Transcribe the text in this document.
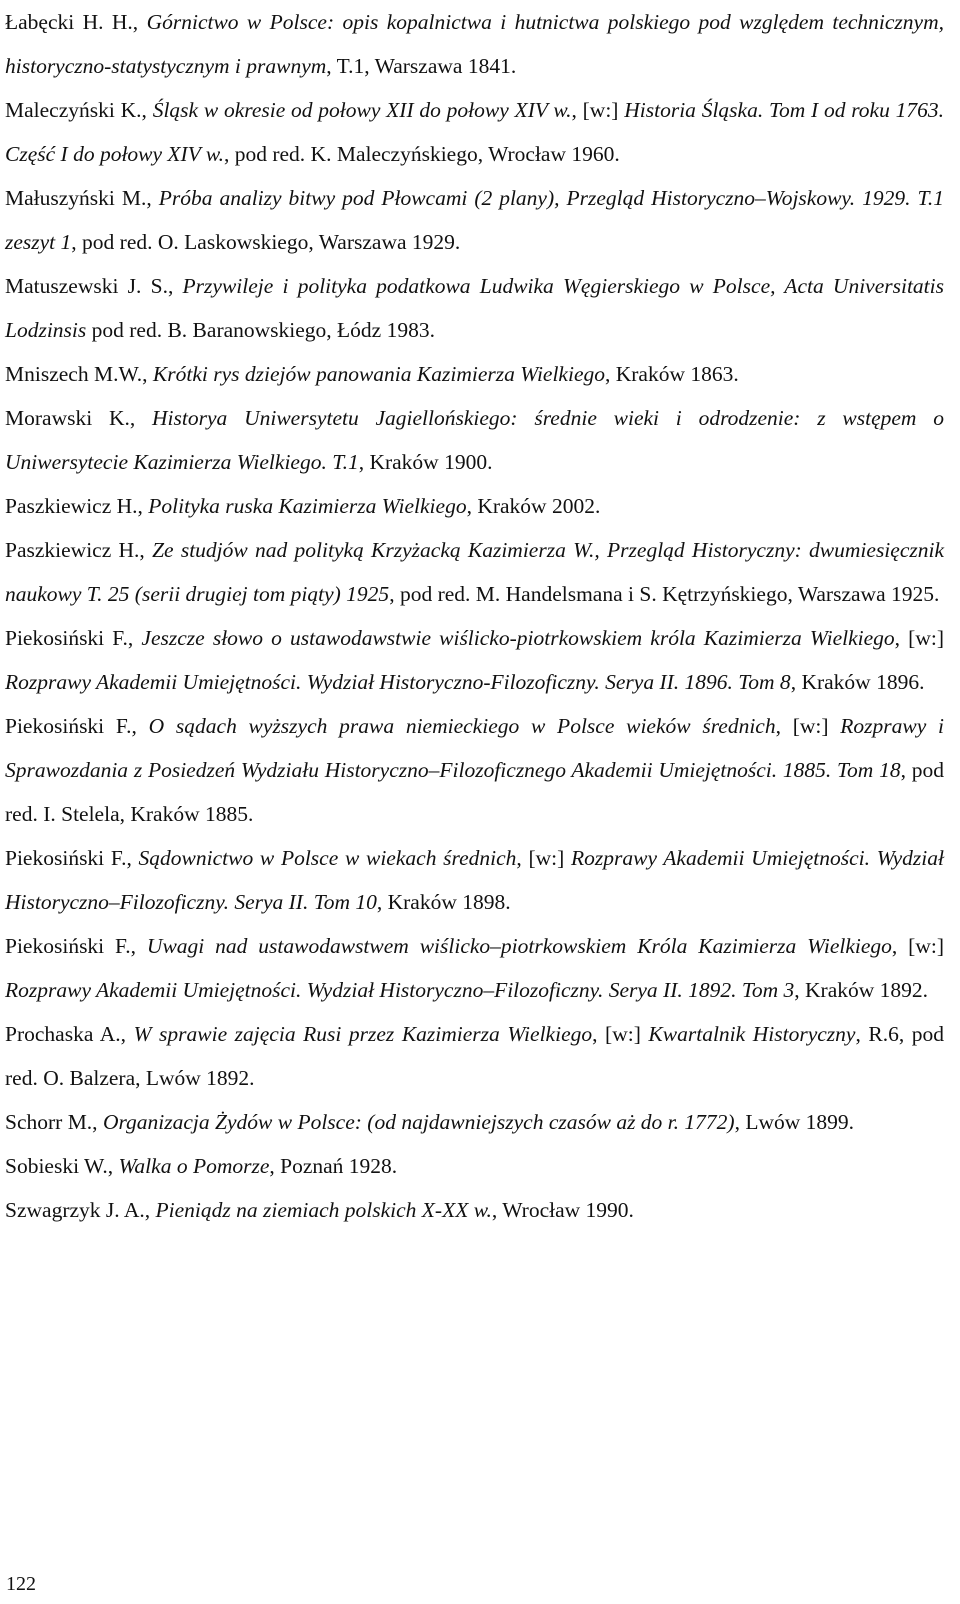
Łabęcki H. H., Górnictwo w Polsce: opis kopalnictwa i hutnictwa polskiego pod względem technicznym, historyczno-statystycznym i prawnym, T.1, Warszawa 1841.

Maleczyński K., Śląsk w okresie od połowy XII do połowy XIV w., [w:] Historia Śląska. Tom I od roku 1763. Część I do połowy XIV w., pod red. K. Maleczyńskiego, Wrocław 1960.

Małuszyński M., Próba analizy bitwy pod Płowcami (2 plany), Przegląd Historyczno–Wojskowy. 1929. T.1 zeszyt 1, pod red. O. Laskowskiego, Warszawa 1929.

Matuszewski J. S., Przywileje i polityka podatkowa Ludwika Węgierskiego w Polsce, Acta Universitatis Lodzinsis pod red. B. Baranowskiego, Łódz 1983.

Mniszech M.W., Krótki rys dziejów panowania Kazimierza Wielkiego, Kraków 1863.

Morawski K., Historya Uniwersytetu Jagiellońskiego: średnie wieki i odrodzenie: z wstępem o Uniwersytecie Kazimierza Wielkiego. T.1, Kraków 1900.

Paszkiewicz H., Polityka ruska Kazimierza Wielkiego, Kraków 2002.

Paszkiewicz H., Ze studjów nad polityką Krzyżacką Kazimierza W., Przegląd Historyczny: dwumiesięcznik naukowy T. 25 (serii drugiej tom piąty) 1925, pod red. M. Handelsmana i S. Kętrzyńskiego, Warszawa 1925.

Piekosiński F., Jeszcze słowo o ustawodawstwie wiślicko-piotrkowskiem króla Kazimierza Wielkiego, [w:] Rozprawy Akademii Umiejętności. Wydział Historyczno-Filozoficzny. Serya II. 1896. Tom 8, Kraków 1896.

Piekosiński F., O sądach wyższych prawa niemieckiego w Polsce wieków średnich, [w:] Rozprawy i Sprawozdania z Posiedzeń Wydziału Historyczno–Filozoficznego Akademii Umiejętności. 1885. Tom 18, pod red. I. Stelela, Kraków 1885.

Piekosiński F., Sądownictwo w Polsce w wiekach średnich, [w:] Rozprawy Akademii Umiejętności. Wydział Historyczno–Filozoficzny. Serya II. Tom 10, Kraków 1898.

Piekosiński F., Uwagi nad ustawodawstwem wiślicko–piotrkowskiem Króla Kazimierza Wielkiego, [w:] Rozprawy Akademii Umiejętności. Wydział Historyczno–Filozoficzny. Serya II. 1892. Tom 3, Kraków 1892.

Prochaska A., W sprawie zajęcia Rusi przez Kazimierza Wielkiego, [w:] Kwartalnik Historyczny, R.6, pod red. O. Balzera, Lwów 1892.

Schorr M., Organizacja Żydów w Polsce: (od najdawniejszych czasów aż do r. 1772), Lwów 1899.

Sobieski W., Walka o Pomorze, Poznań 1928.

Szwagrzyk J. A., Pieniądz na ziemiach polskich X-XX w., Wrocław 1990.

122
